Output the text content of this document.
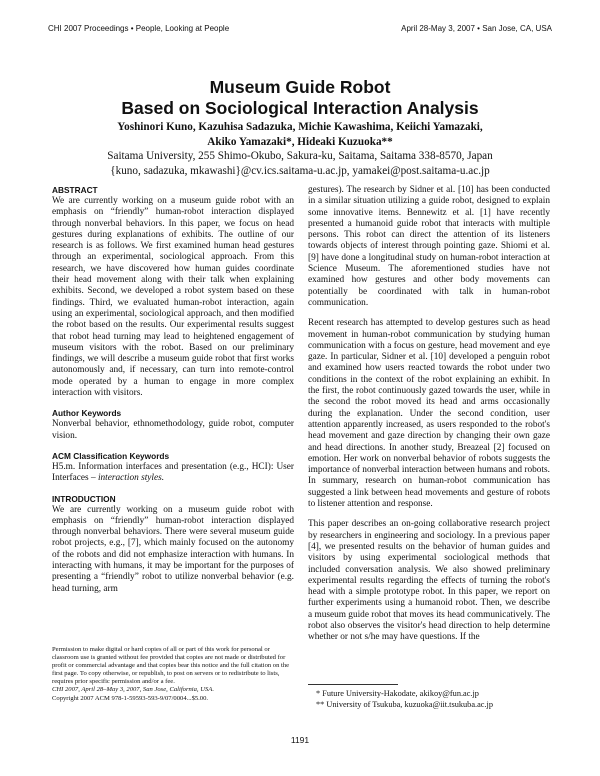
CHI 2007 Proceedings • People, Looking at People	April 28-May 3, 2007 • San Jose, CA, USA
Museum Guide Robot
Based on Sociological Interaction Analysis
Yoshinori Kuno, Kazuhisa Sadazuka, Michie Kawashima, Keiichi Yamazaki,
Akiko Yamazaki*, Hideaki Kuzuoka**
Saitama University, 255 Shimo-Okubo, Sakura-ku, Saitama, Saitama 338-8570, Japan
{kuno, sadazuka, mkawashi}@cv.ics.saitama-u.ac.jp, yamakei@post.saitama-u.ac.jp
ABSTRACT

We are currently working on a museum guide robot with an emphasis on “friendly” human-robot interaction displayed through nonverbal behaviors. In this paper, we focus on head gestures during explanations of exhibits. The outline of our research is as follows. We first examined human head gestures through an experimental, sociological approach. From this research, we have discovered how human guides coordinate their head movement along with their talk when explaining exhibits. Second, we developed a robot system based on these findings. Third, we evaluated human-robot interaction, again using an experimental, sociological approach, and then modified the robot based on the results. Our experimental results suggest that robot head turning may lead to heightened engagement of museum visitors with the robot. Based on our preliminary findings, we will describe a museum guide robot that first works autonomously and, if necessary, can turn into remote-control mode operated by a human to engage in more complex interaction with visitors.

Author Keywords

Nonverbal behavior, ethnomethodology, guide robot, computer vision.

ACM Classification Keywords

H5.m. Information interfaces and presentation (e.g., HCI): User Interfaces – interaction styles.

INTRODUCTION

We are currently working on a museum guide robot with emphasis on “friendly” human-robot interaction displayed through nonverbal behaviors. There were several museum guide robot projects, e.g., [7], which mainly focused on the autonomy of the robots and did not emphasize interaction with humans. In interacting with humans, it may be important for the purposes of presenting a “friendly” robot to utilize nonverbal behavior (e.g. head turning, arm

Permission to make digital or hard copies of all or part of this work for personal or classroom use is granted without fee provided that copies are not made or distributed for profit or commercial advantage and that copies bear this notice and the full citation on the first page. To copy otherwise, or republish, to post on servers or to redistribute to lists, requires prior specific permission and/or a fee.

CHI 2007, April 28–May 3, 2007, San Jose, California, USA.

Copyright 2007 ACM 978-1-59593-593-9/07/0004...$5.00.

gestures). The research by Sidner et al. [10] has been conducted in a similar situation utilizing a guide robot, designed to explain some innovative items. Bennewitz et al. [1] have recently presented a humanoid guide robot that interacts with multiple persons. This robot can direct the attention of its listeners towards objects of interest through pointing gaze. Shiomi et al. [9] have done a longitudinal study on human-robot interaction at Science Museum. The aforementioned studies have not examined how gestures and other body movements can potentially be coordinated with talk in human-robot communication.

Recent research has attempted to develop gestures such as head movement in human-robot communication by studying human communication with a focus on gesture, head movement and eye gaze. In particular, Sidner et al. [10] developed a penguin robot and examined how users reacted towards the robot under two conditions in the context of the robot explaining an exhibit. In the first, the robot continuously gazed towards the user, while in the second the robot moved its head and arms occasionally during the explanation. Under the second condition, user attention apparently increased, as users responded to the robot's head movement and gaze direction by changing their own gaze and head directions. In another study, Breazeal [2] focused on emotion. Her work on nonverbal behavior of robots suggests the importance of nonverbal interaction between humans and robots. In summary, research on human-robot communication has suggested a link between head movements and gesture of robots to listener attention and response.

This paper describes an on-going collaborative research project by researchers in engineering and sociology. In a previous paper [4], we presented results on the behavior of human guides and visitors by using experimental sociological methods that included conversation analysis. We also showed preliminary experimental results regarding the effects of turning the robot's head with a simple prototype robot. In this paper, we report on further experiments using a humanoid robot. Then, we describe a museum guide robot that moves its head communicatively. The robot also observes the visitor's head direction to help determine whether or not s/he may have questions. If the

* Future University-Hakodate, akikoy@fun.ac.jp
** University of Tsukuba, kuzuoka@iit.tsukuba.ac.jp
1191
